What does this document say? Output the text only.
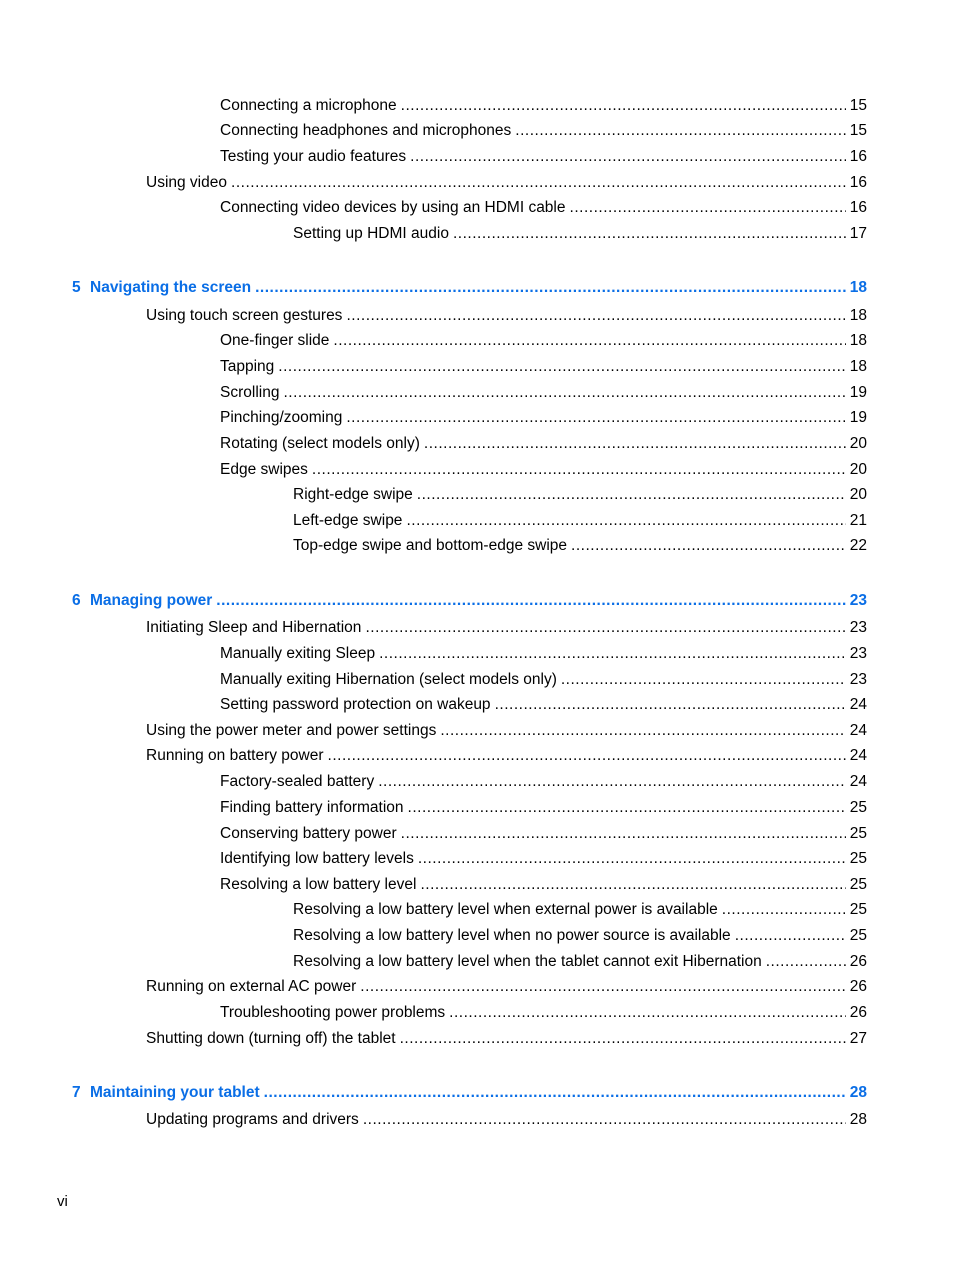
Connecting a microphone . . .	15
Connecting headphones and microphones . . .	15
Testing your audio features . . .	16
Using video . . .	16
Connecting video devices by using an HDMI cable . . .	16
Setting up HDMI audio . . .	17
5 Navigating the screen . . .	18
Using touch screen gestures . . .	18
One-finger slide . . .	18
Tapping . . .	18
Scrolling . . .	19
Pinching/zooming . . .	19
Rotating (select models only) . . .	20
Edge swipes . . .	20
Right-edge swipe . . .	20
Left-edge swipe . . .	21
Top-edge swipe and bottom-edge swipe . . .	22
6 Managing power . . .	23
Initiating Sleep and Hibernation . . .	23
Manually exiting Sleep . . .	23
Manually exiting Hibernation (select models only) . . .	23
Setting password protection on wakeup . . .	24
Using the power meter and power settings . . .	24
Running on battery power . . .	24
Factory-sealed battery . . .	24
Finding battery information . . .	25
Conserving battery power . . .	25
Identifying low battery levels . . .	25
Resolving a low battery level . . .	25
Resolving a low battery level when external power is available . . .	25
Resolving a low battery level when no power source is available . . .	25
Resolving a low battery level when the tablet cannot exit Hibernation . . .	26
Running on external AC power . . .	26
Troubleshooting power problems . . .	26
Shutting down (turning off) the tablet . . .	27
7 Maintaining your tablet . . .	28
Updating programs and drivers . . .	28
vi
